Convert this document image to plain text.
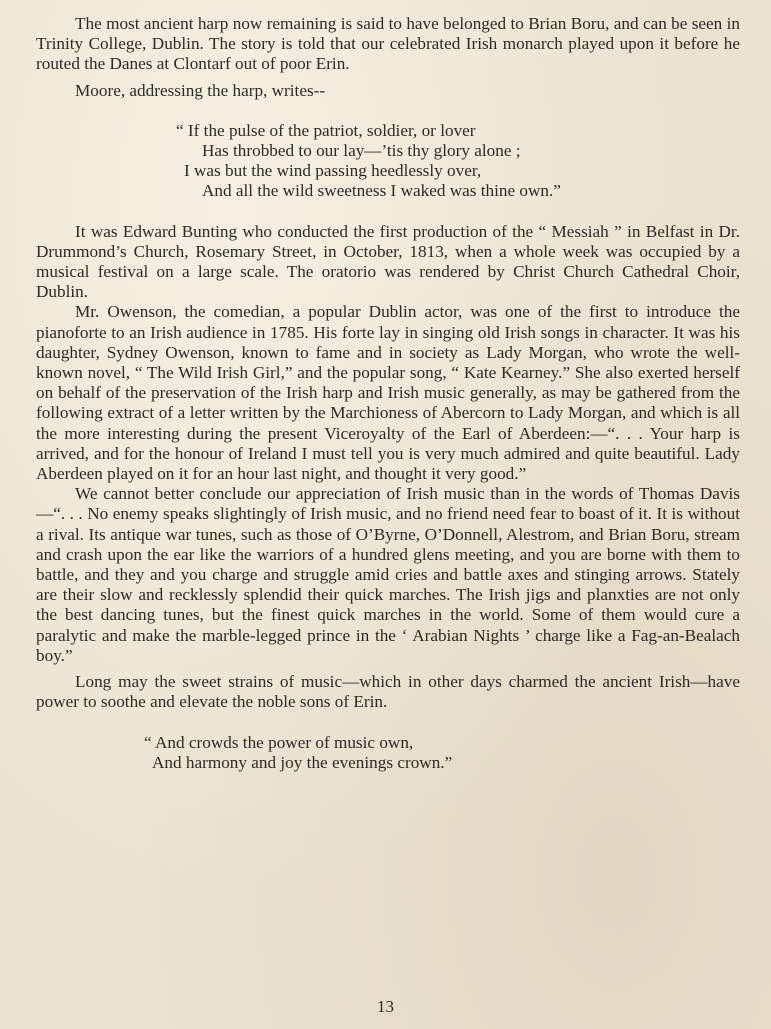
The most ancient harp now remaining is said to have belonged to Brian Boru, and can be seen in Trinity College, Dublin. The story is told that our celebrated Irish monarch played upon it before he routed the Danes at Clontarf out of poor Erin.

Moore, addressing the harp, writes--

“ If the pulse of the patriot, soldier, or lover
Has throbbed to our lay—’tis thy glory alone ;
I was but the wind passing heedlessly over,
And all the wild sweetness I waked was thine own.”

It was Edward Bunting who conducted the first production of the “ Messiah ” in Belfast in Dr. Drummond’s Church, Rosemary Street, in October, 1813, when a whole week was occupied by a musical festival on a large scale. The oratorio was rendered by Christ Church Cathedral Choir, Dublin.

Mr. Owenson, the comedian, a popular Dublin actor, was one of the first to introduce the pianoforte to an Irish audience in 1785. His forte lay in singing old Irish songs in character. It was his daughter, Sydney Owenson, known to fame and in society as Lady Morgan, who wrote the well-known novel, “ The Wild Irish Girl,” and the popular song, “ Kate Kearney.” She also exerted herself on behalf of the preservation of the Irish harp and Irish music generally, as may be gathered from the following extract of a letter written by the Marchioness of Abercorn to Lady Morgan, and which is all the more interesting during the present Viceroyalty of the Earl of Aberdeen:—“. . . Your harp is arrived, and for the honour of Ireland I must tell you is very much admired and quite beautiful. Lady Aberdeen played on it for an hour last night, and thought it very good.”

We cannot better conclude our appreciation of Irish music than in the words of Thomas Davis—“. . . No enemy speaks slightingly of Irish music, and no friend need fear to boast of it. It is without a rival. Its antique war tunes, such as those of O’Byrne, O’Donnell, Alestrom, and Brian Boru, stream and crash upon the ear like the warriors of a hundred glens meeting, and you are borne with them to battle, and they and you charge and struggle amid cries and battle axes and stinging arrows. Stately are their slow and recklessly splendid their quick marches. The Irish jigs and planxties are not only the best dancing tunes, but the finest quick marches in the world. Some of them would cure a paralytic and make the marble-legged prince in the ‘ Arabian Nights ’ charge like a Fag-an-Bealach boy.”

Long may the sweet strains of music—which in other days charmed the ancient Irish—have power to soothe and elevate the noble sons of Erin.

“ And crowds the power of music own,
And harmony and joy the evenings crown.”
13
